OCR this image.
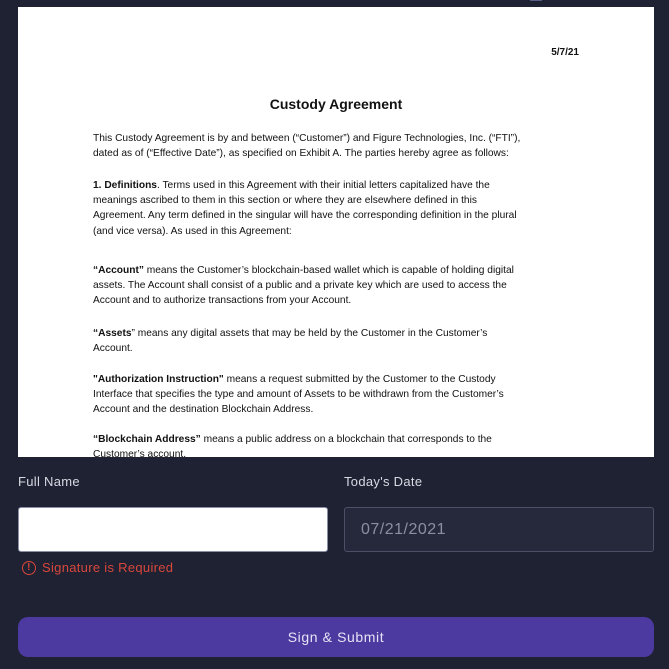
5/7/21
Custody Agreement

This Custody Agreement is by and between (“Customer”) and Figure Technologies, Inc. (“FTI”),
dated as of (“Effective Date”), as specified on Exhibit A. The parties hereby agree as follows:

1. Definitions. Terms used in this Agreement with their initial letters capitalized have the
meanings ascribed to them in this section or where they are elsewhere defined in this
Agreement. Any term defined in the singular will have the corresponding definition in the plural
(and vice versa). As used in this Agreement:

“Account” means the Customer’s blockchain-based wallet which is capable of holding digital
assets. The Account shall consist of a public and a private key which are used to access the
Account and to authorize transactions from your Account.

“Assets” means any digital assets that may be held by the Customer in the Customer’s
Account.

"Authorization Instruction" means a request submitted by the Customer to the Custody
Interface that specifies the type and amount of Assets to be withdrawn from the Customer’s
Account and the destination Blockchain Address.

“Blockchain Address” means a public address on a blockchain that corresponds to the
Customer’s account.

Full Name	Today's Date
07/21/2021
! Signature is Required
Sign & Submit
